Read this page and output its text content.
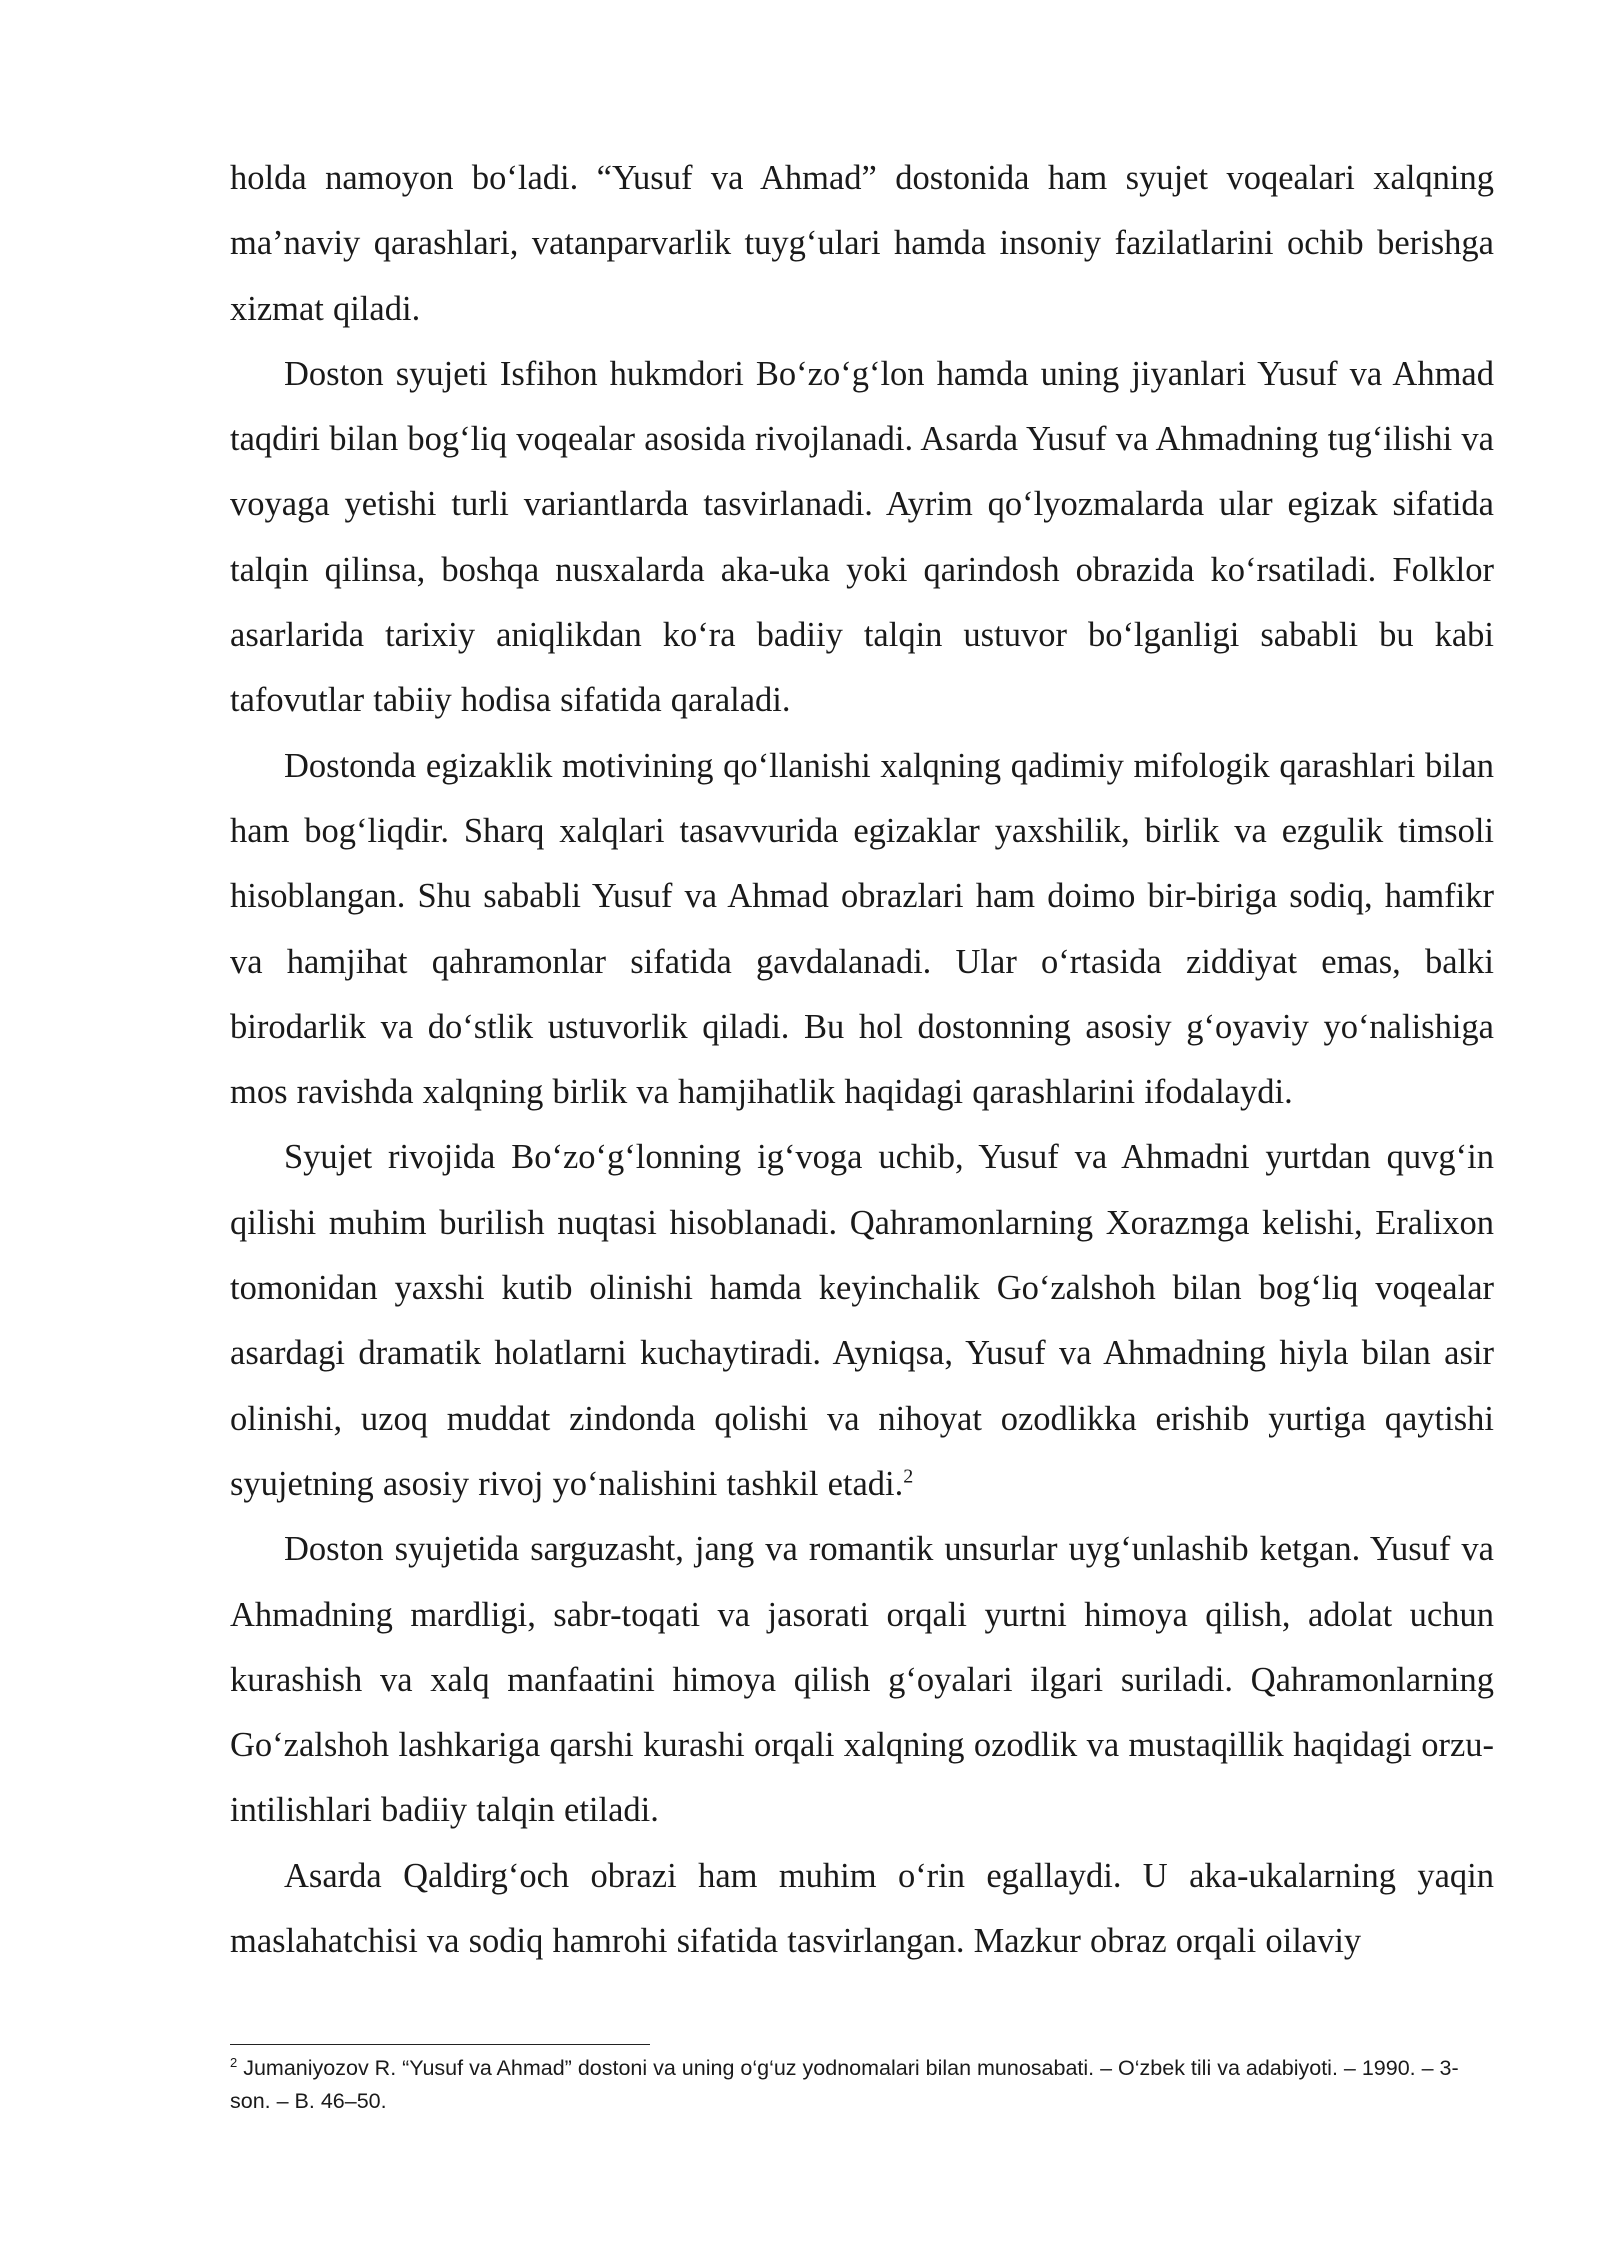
holda namoyon bo‘ladi. “Yusuf va Ahmad” dostonida ham syujet voqealari xalqning ma’naviy qarashlari, vatanparvarlik tuyg‘ulari hamda insoniy fazilatlarini ochib berishga xizmat qiladi.

Doston syujeti Isfihon hukmdori Bo‘zo‘g‘lon hamda uning jiyanlari Yusuf va Ahmad taqdiri bilan bog‘liq voqealar asosida rivojlanadi. Asarda Yusuf va Ahmadning tug‘ilishi va voyaga yetishi turli variantlarda tasvirlanadi. Ayrim qo‘lyozmalarda ular egizak sifatida talqin qilinsa, boshqa nusxalarda aka-uka yoki qarindosh obrazida ko‘rsatiladi. Folklor asarlarida tarixiy aniqlikdan ko‘ra badiiy talqin ustuvor bo‘lganligi sababli bu kabi tafovutlar tabiiy hodisa sifatida qaraladi.

Dostonda egizaklik motivining qo‘llanishi xalqning qadimiy mifologik qarashlari bilan ham bog‘liqdir. Sharq xalqlari tasavvurida egizaklar yaxshilik, birlik va ezgulik timsoli hisoblangan. Shu sababli Yusuf va Ahmad obrazlari ham doimo bir-biriga sodiq, hamfikr va hamjihat qahramonlar sifatida gavdalanadi. Ular o‘rtasida ziddiyat emas, balki birodarlik va do‘stlik ustuvorlik qiladi. Bu hol dostonning asosiy g‘oyaviy yo‘nalishiga mos ravishda xalqning birlik va hamjihatlik haqidagi qarashlarini ifodalaydi.

Syujet rivojida Bo‘zo‘g‘lonning ig‘voga uchib, Yusuf va Ahmadni yurtdan quvg‘in qilishi muhim burilish nuqtasi hisoblanadi. Qahramonlarning Xorazmga kelishi, Eralixon tomonidan yaxshi kutib olinishi hamda keyinchalik Go‘zalshoh bilan bog‘liq voqealar asardagi dramatik holatlarni kuchaytiradi. Ayniqsa, Yusuf va Ahmadning hiyla bilan asir olinishi, uzoq muddat zindonda qolishi va nihoyat ozodlikka erishib yurtiga qaytishi syujetning asosiy rivoj yo‘nalishini tashkil etadi.$^2$

Doston syujetida sarguzasht, jang va romantik unsurlar uyg‘unlashib ketgan. Yusuf va Ahmadning mardligi, sabr-toqati va jasorati orqali yurtni himoya qilish, adolat uchun kurashish va xalq manfaatini himoya qilish g‘oyalari ilgari suriladi. Qahramonlarning Go‘zalshoh lashkariga qarshi kurashi orqali xalqning ozodlik va mustaqillik haqidagi orzu-intilishlari badiiy talqin etiladi.

Asarda Qaldirg‘och obrazi ham muhim o‘rin egallaydi. U aka-ukalarning yaqin maslahatchisi va sodiq hamrohi sifatida tasvirlangan. Mazkur obraz orqali oilaviy

$^2$ Jumaniyozov R. “Yusuf va Ahmad” dostoni va uning o‘g‘uz yodnomalari bilan munosabati. – O‘zbek tili va adabiyoti. – 1990. – 3-son. – B. 46–50.
